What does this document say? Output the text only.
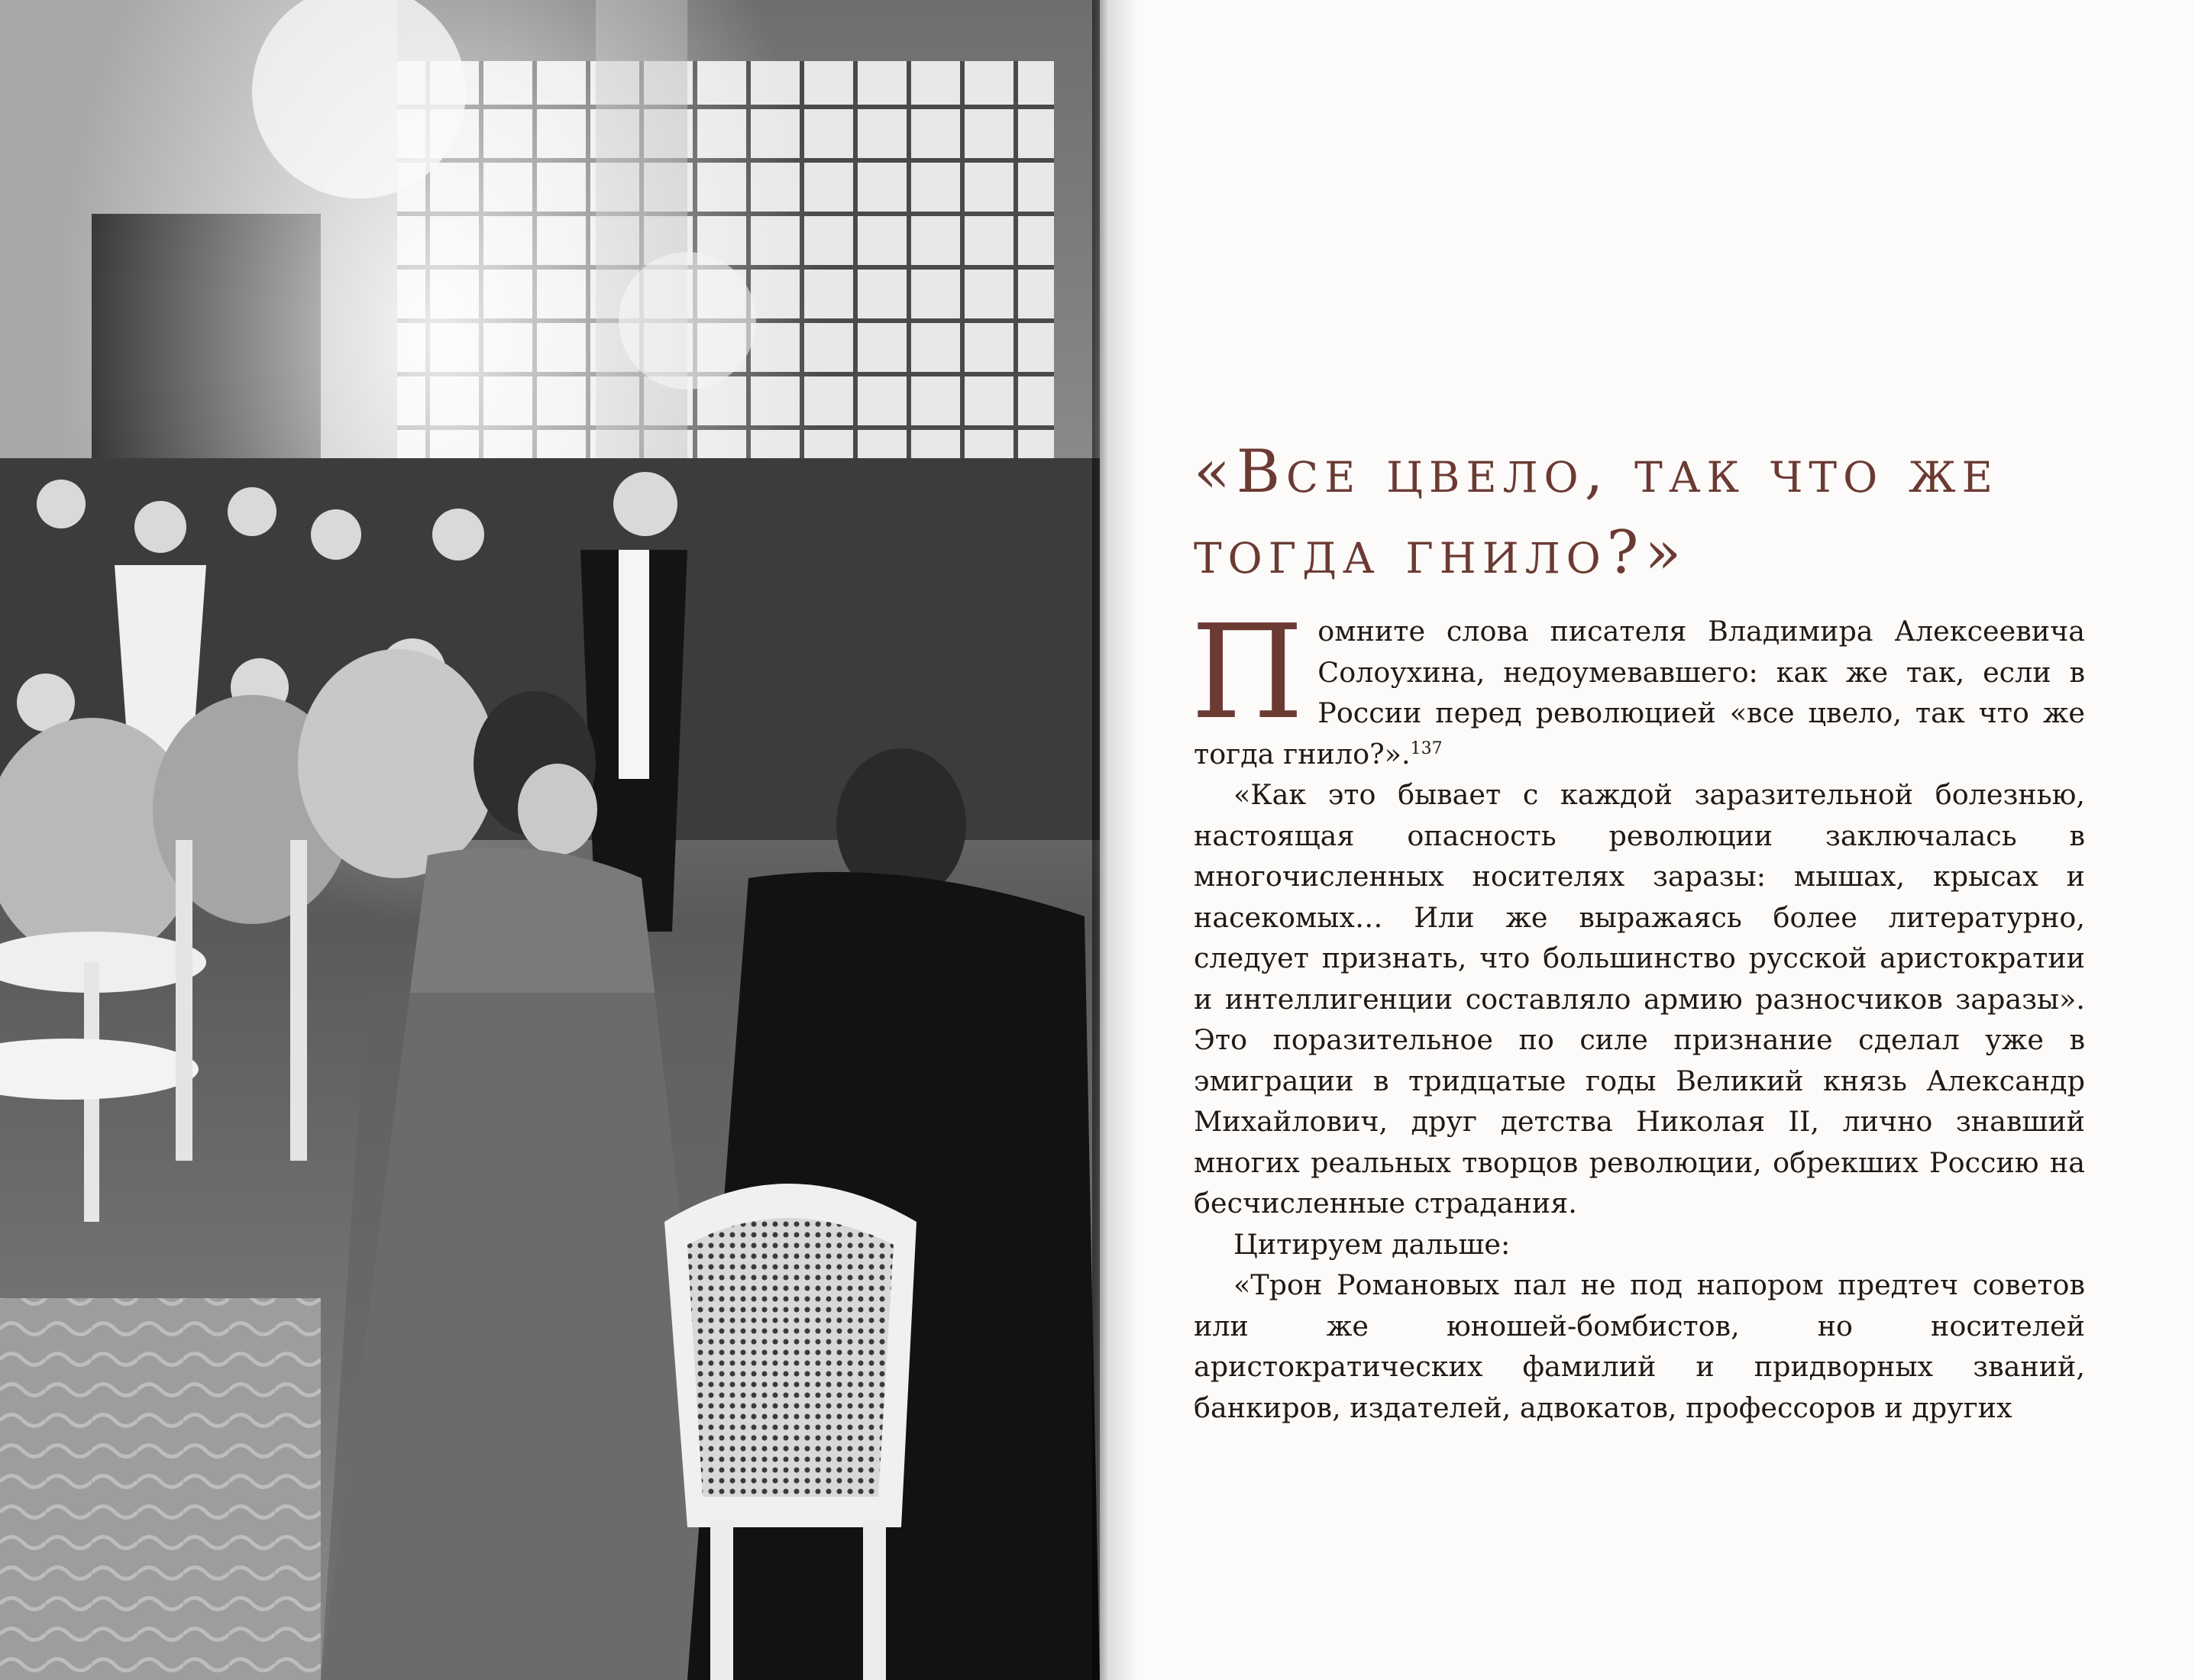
«Все цвело, так что же тогда гнило?»

Помните слова писателя Владимира Алексеевича Солоухина, недоумевавшего: как же так, если в России перед революцией «все цвело, так что же тогда гнило?».$^{137}$

«Как это бывает с каждой заразительной болезнью, настоящая опасность революции заключалась в многочисленных носителях заразы: мышах, крысах и насекомых… Или же выражаясь более литературно, следует признать, что большинство русской аристократии и интеллигенции составляло армию разносчиков заразы». Это поразительное по силе признание сделал уже в эмиграции в тридцатые годы Великий князь Александр Михайлович, друг детства Николая II, лично знавший многих реальных творцов революции, обрекших Россию на бесчисленные страдания.

Цитируем дальше:

«Трон Романовых пал не под напором предтеч советов или же юношей-бомбистов, но носителей аристократических фамилий и придворных званий, банкиров, издателей, адвокатов, профессоров и других
